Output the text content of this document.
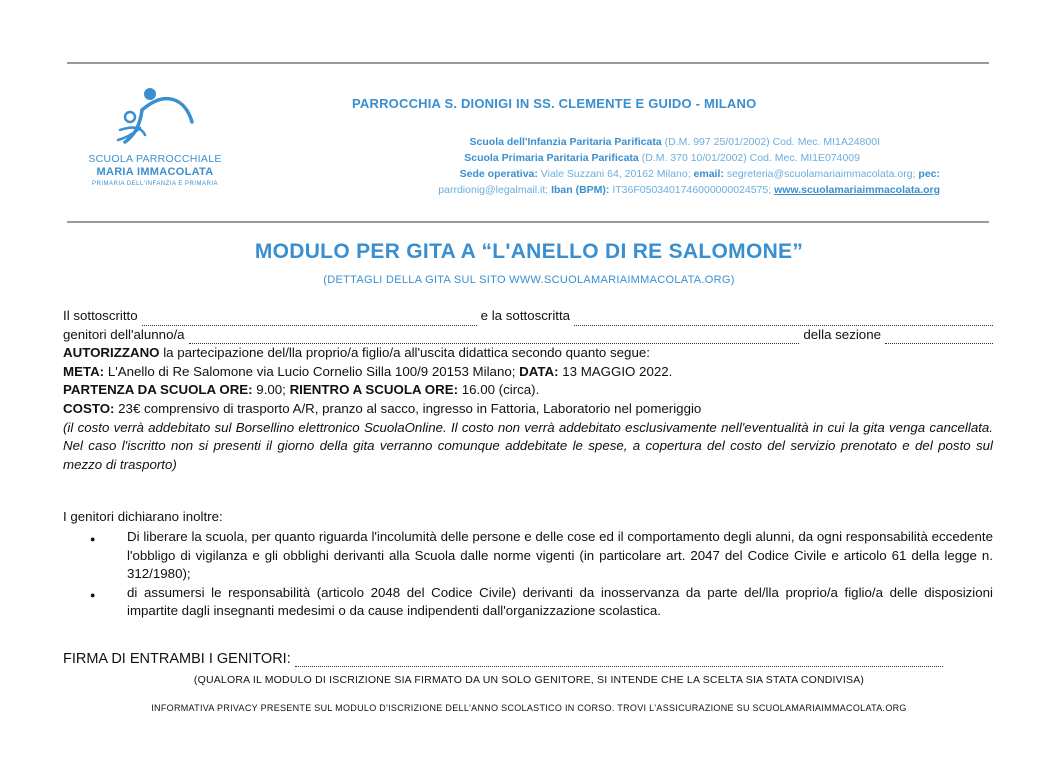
SCUOLA PARROCCHIALE
MARIA IMMACOLATA
PRIMARIA DELL'INFANZIA E PRIMARIA
PARROCCHIA S. DIONIGI IN SS. CLEMENTE E GUIDO - MILANO
Scuola dell'Infanzia Paritaria Parificata (D.M. 997 25/01/2002) Cod. Mec. MI1A24800I
Scuola Primaria Paritaria Parificata (D.M. 370 10/01/2002) Cod. Mec. MI1E074009
Sede operativa: Viale Suzzani 64, 20162 Milano; email: segreteria@scuolamariaimmacolata.org; pec:
parrdionig@legalmail.it; Iban (BPM): IT36F0503401746000000024575; www.scuolamariaimmacolata.org
MODULO PER GITA A “L'ANELLO DI RE SALOMONE”
(DETTAGLI DELLA GITA SUL SITO WWW.SCUOLAMARIAIMMACOLATA.ORG)
Il sottoscritto	e la sottoscritta
genitori dell'alunno/a	della sezione
AUTORIZZANO la partecipazione del/lla proprio/a figlio/a all'uscita didattica secondo quanto segue:
META: L'Anello di Re Salomone via Lucio Cornelio Silla 100/9 20153 Milano; DATA: 13 MAGGIO 2022.
PARTENZA DA SCUOLA ORE: 9.00; RIENTRO A SCUOLA ORE: 16.00 (circa).
COSTO: 23€ comprensivo di trasporto A/R, pranzo al sacco, ingresso in Fattoria, Laboratorio nel pomeriggio
(il costo verrà addebitato sul Borsellino elettronico ScuolaOnline. Il costo non verrà addebitato esclusivamente nell'eventualità in cui la gita venga cancellata. Nel caso l'iscritto non si presenti il giorno della gita verranno comunque addebitate le spese, a copertura del costo del servizio prenotato e del posto sul mezzo di trasporto)
I genitori dichiarano inoltre:
●	Di liberare la scuola, per quanto riguarda l'incolumità delle persone e delle cose ed il comportamento degli alunni, da ogni responsabilità eccedente l'obbligo di vigilanza e gli obblighi derivanti alla Scuola dalle norme vigenti (in particolare art. 2047 del Codice Civile e articolo 61 della legge n. 312/1980);
●	di assumersi le responsabilità (articolo 2048 del Codice Civile) derivanti da inosservanza da parte del/lla proprio/a figlio/a delle disposizioni impartite dagli insegnanti medesimi o da cause indipendenti dall'organizzazione scolastica.
FIRMA DI ENTRAMBI I GENITORI:
(QUALORA IL MODULO DI ISCRIZIONE SIA FIRMATO DA UN SOLO GENITORE, SI INTENDE CHE LA SCELTA SIA STATA CONDIVISA)
INFORMATIVA PRIVACY PRESENTE SUL MODULO D'ISCRIZIONE DELL'ANNO SCOLASTICO IN CORSO. TROVI L'ASSICURAZIONE SU SCUOLAMARIAIMMACOLATA.ORG
